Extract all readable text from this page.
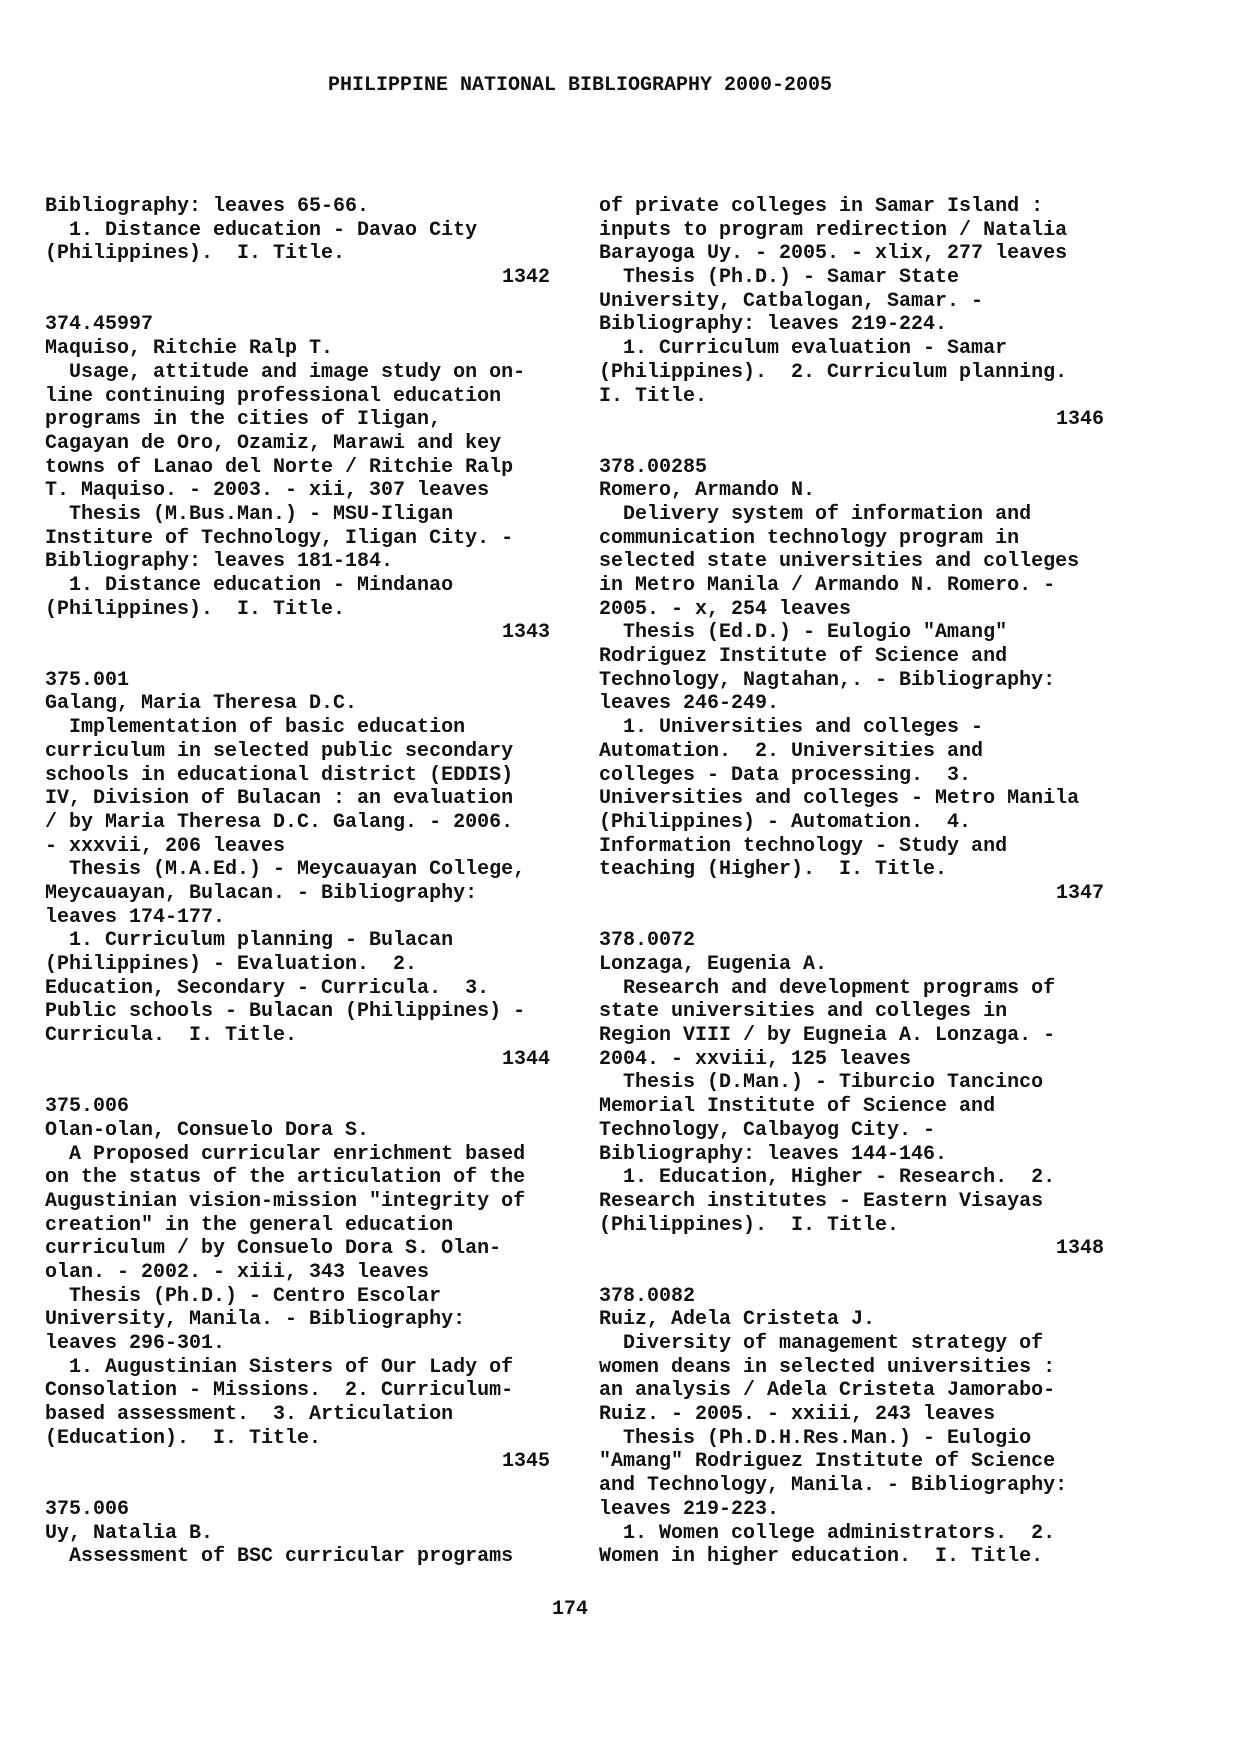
PHILIPPINE NATIONAL BIBLIOGRAPHY 2000-2005
Bibliography: leaves 65-66.
1. Distance education - Davao City
(Philippines).  I. Title.
1342
374.45997
Maquiso, Ritchie Ralp T.
Usage, attitude and image study on on-
line continuing professional education
programs in the cities of Iligan,
Cagayan de Oro, Ozamiz, Marawi and key
towns of Lanao del Norte / Ritchie Ralp
T. Maquiso. - 2003. - xii, 307 leaves
Thesis (M.Bus.Man.) - MSU-Iligan
Institure of Technology, Iligan City. -
Bibliography: leaves 181-184.
1. Distance education - Mindanao
(Philippines).  I. Title.
1343
375.001
Galang, Maria Theresa D.C.
Implementation of basic education
curriculum in selected public secondary
schools in educational district (EDDIS)
IV, Division of Bulacan : an evaluation
/ by Maria Theresa D.C. Galang. - 2006.
- xxxvii, 206 leaves
Thesis (M.A.Ed.) - Meycauayan College,
Meycauayan, Bulacan. - Bibliography:
leaves 174-177.
1. Curriculum planning - Bulacan
(Philippines) - Evaluation.  2.
Education, Secondary - Curricula.  3.
Public schools - Bulacan (Philippines) -
Curricula.  I. Title.
1344
375.006
Olan-olan, Consuelo Dora S.
A Proposed curricular enrichment based
on the status of the articulation of the
Augustinian vision-mission "integrity of
creation" in the general education
curriculum / by Consuelo Dora S. Olan-
olan. - 2002. - xiii, 343 leaves
Thesis (Ph.D.) - Centro Escolar
University, Manila. - Bibliography:
leaves 296-301.
1. Augustinian Sisters of Our Lady of
Consolation - Missions.  2. Curriculum-
based assessment.  3. Articulation
(Education).  I. Title.
1345
375.006
Uy, Natalia B.
Assessment of BSC curricular programs
of private colleges in Samar Island :
inputs to program redirection / Natalia
Barayoga Uy. - 2005. - xlix, 277 leaves
Thesis (Ph.D.) - Samar State
University, Catbalogan, Samar. -
Bibliography: leaves 219-224.
1. Curriculum evaluation - Samar
(Philippines).  2. Curriculum planning.
I. Title.
1346
378.00285
Romero, Armando N.
Delivery system of information and
communication technology program in
selected state universities and colleges
in Metro Manila / Armando N. Romero. -
2005. - x, 254 leaves
Thesis (Ed.D.) - Eulogio "Amang"
Rodriguez Institute of Science and
Technology, Nagtahan,. - Bibliography:
leaves 246-249.
1. Universities and colleges -
Automation.  2. Universities and
colleges - Data processing.  3.
Universities and colleges - Metro Manila
(Philippines) - Automation.  4.
Information technology - Study and
teaching (Higher).  I. Title.
1347
378.0072
Lonzaga, Eugenia A.
Research and development programs of
state universities and colleges in
Region VIII / by Eugneia A. Lonzaga. -
2004. - xxviii, 125 leaves
Thesis (D.Man.) - Tiburcio Tancinco
Memorial Institute of Science and
Technology, Calbayog City. -
Bibliography: leaves 144-146.
1. Education, Higher - Research.  2.
Research institutes - Eastern Visayas
(Philippines).  I. Title.
1348
378.0082
Ruiz, Adela Cristeta J.
Diversity of management strategy of
women deans in selected universities :
an analysis / Adela Cristeta Jamorabo-
Ruiz. - 2005. - xxiii, 243 leaves
Thesis (Ph.D.H.Res.Man.) - Eulogio
"Amang" Rodriguez Institute of Science
and Technology, Manila. - Bibliography:
leaves 219-223.
1. Women college administrators.  2.
Women in higher education.  I. Title.
174
